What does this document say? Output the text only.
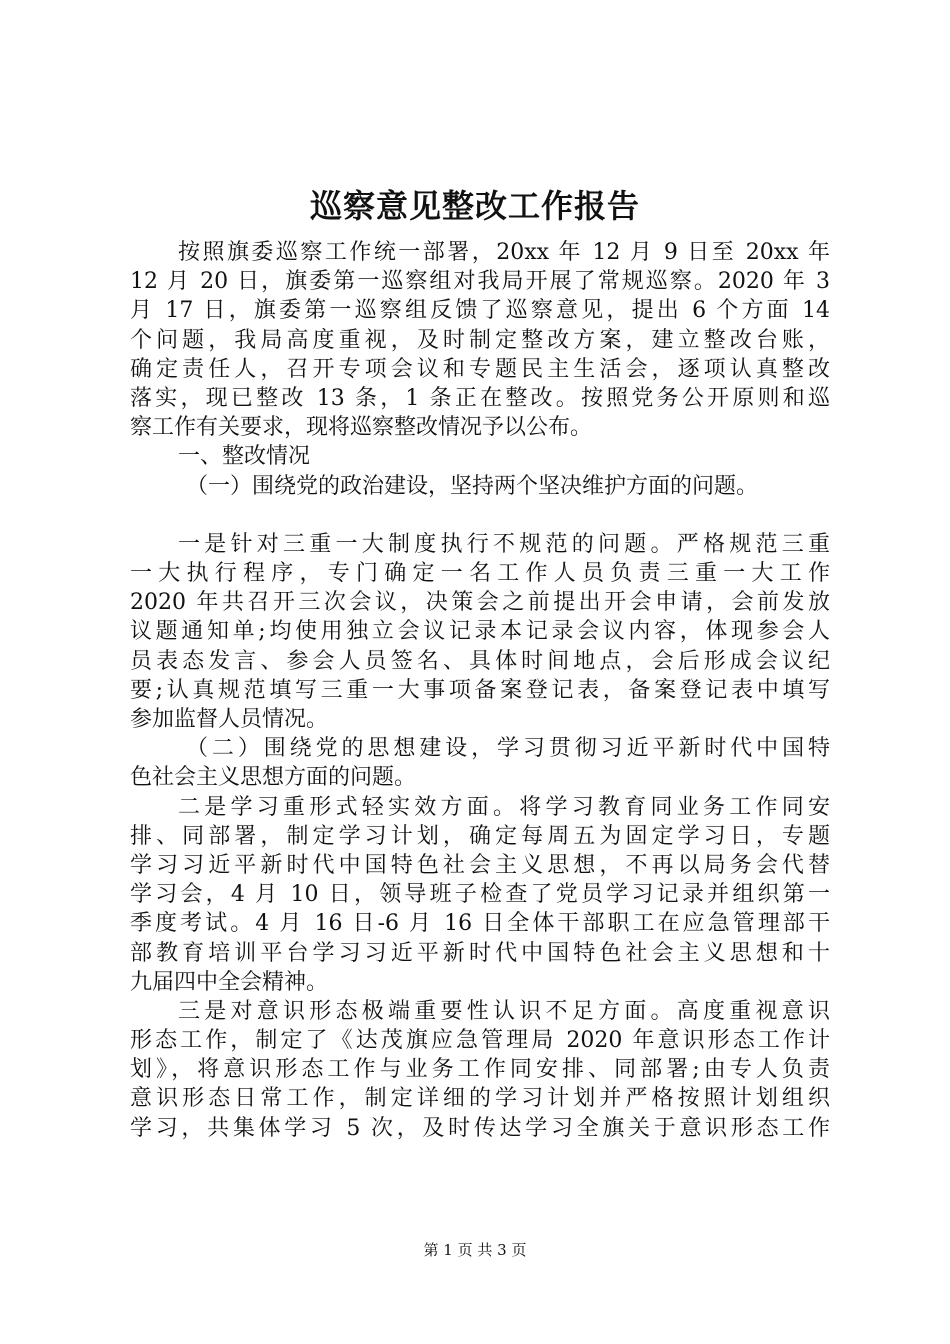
巡察意见整改工作报告
按照旗委巡察工作统一部署，20xx 年 12 月 9 日至 20xx 年
12 月 20 日，旗委第一巡察组对我局开展了常规巡察。2020 年 3
月 17 日，旗委第一巡察组反馈了巡察意见，提出 6 个方面 14
个问题，我局高度重视，及时制定整改方案，建立整改台账，
确定责任人，召开专项会议和专题民主生活会，逐项认真整改
落实，现已整改 13 条，1 条正在整改。按照党务公开原则和巡
察工作有关要求，现将巡察整改情况予以公布。
一、整改情况
（一）围绕党的政治建设，坚持两个坚决维护方面的问题。
一是针对三重一大制度执行不规范的问题。严格规范三重
一大执行程序，专门确定一名工作人员负责三重一大工作
2020 年共召开三次会议，决策会之前提出开会申请，会前发放
议题通知单;均使用独立会议记录本记录会议内容，体现参会人
员表态发言、参会人员签名、具体时间地点，会后形成会议纪
要;认真规范填写三重一大事项备案登记表，备案登记表中填写
参加监督人员情况。
（二）围绕党的思想建设，学习贯彻习近平新时代中国特
色社会主义思想方面的问题。
二是学习重形式轻实效方面。将学习教育同业务工作同安
排、同部署，制定学习计划，确定每周五为固定学习日，专题
学习习近平新时代中国特色社会主义思想，不再以局务会代替
学习会，4 月 10 日，领导班子检查了党员学习记录并组织第一
季度考试。4 月 16 日-6 月 16 日全体干部职工在应急管理部干
部教育培训平台学习习近平新时代中国特色社会主义思想和十
九届四中全会精神。
三是对意识形态极端重要性认识不足方面。高度重视意识
形态工作，制定了《达茂旗应急管理局 2020 年意识形态工作计
划》，将意识形态工作与业务工作同安排、同部署;由专人负责
意识形态日常工作，制定详细的学习计划并严格按照计划组织
学习，共集体学习 5 次，及时传达学习全旗关于意识形态工作
第 1 页 共 3 页
